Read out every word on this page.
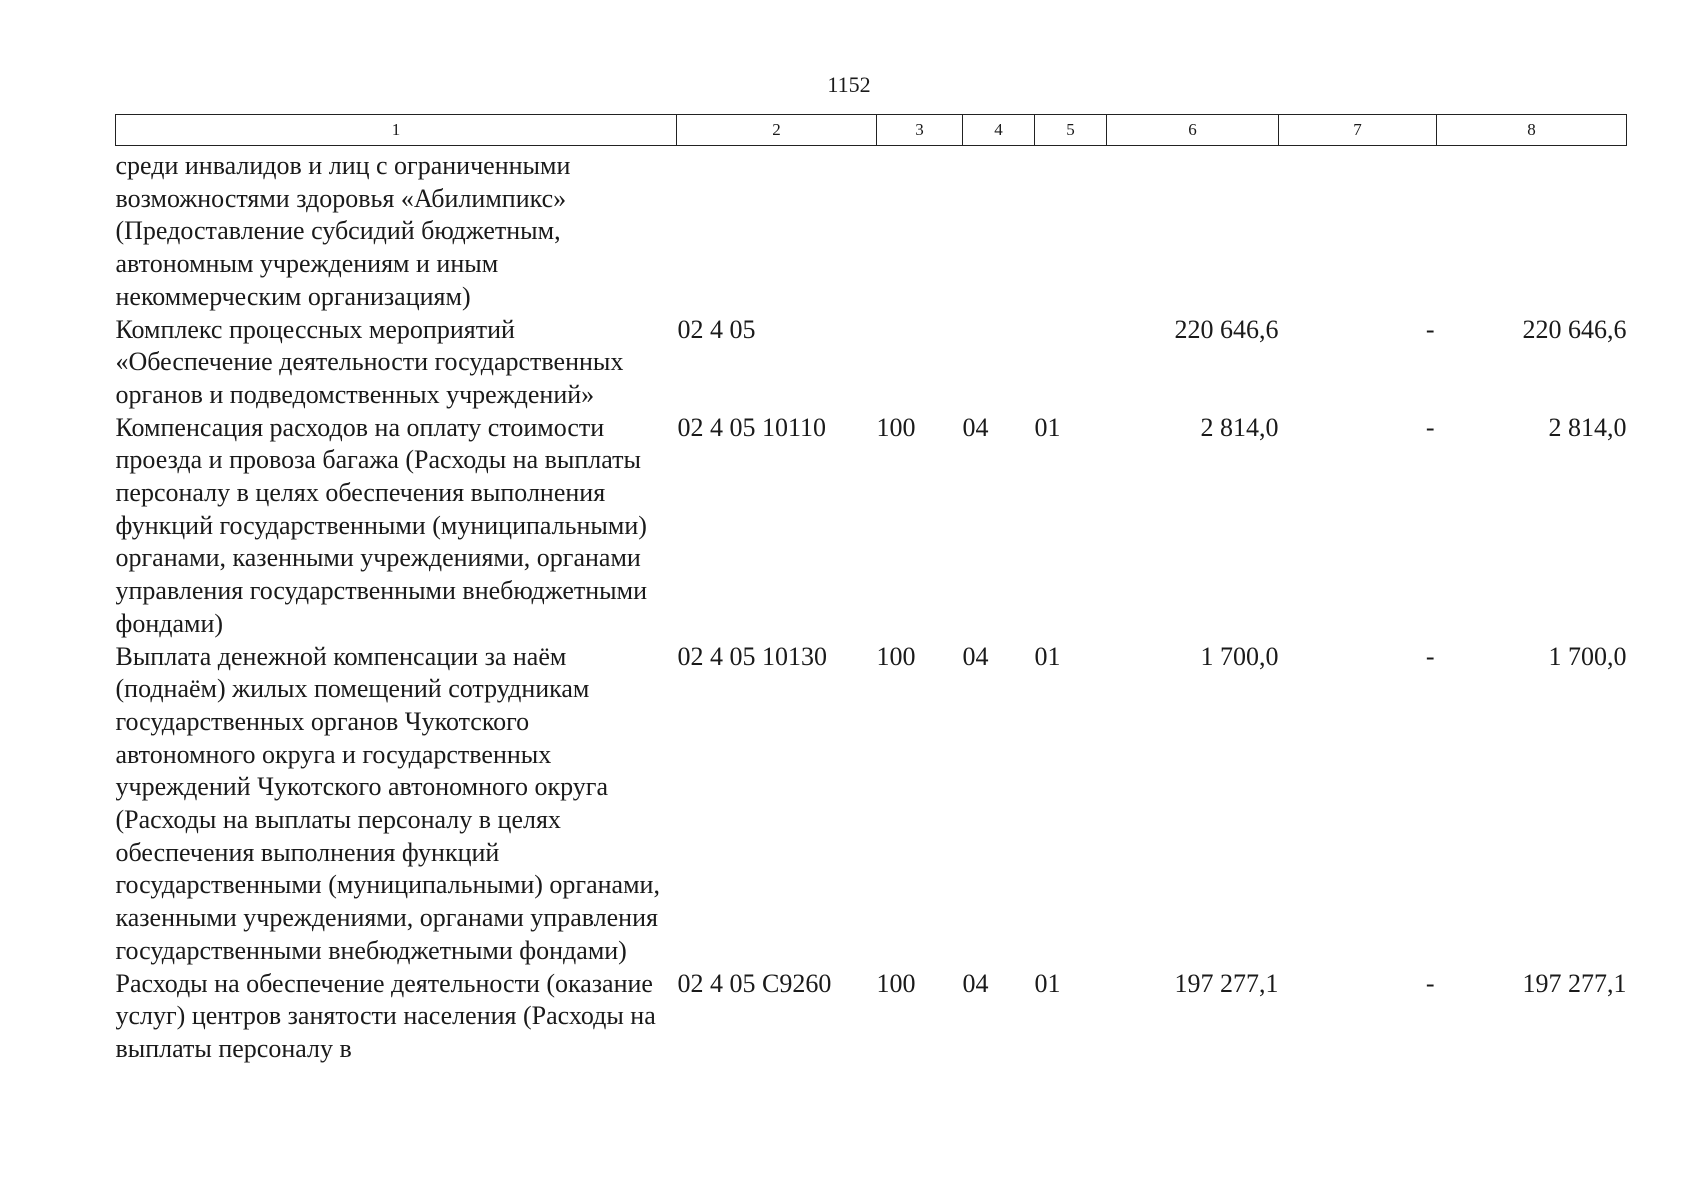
1152
1	2	3	4	5	6	7	8
среди инвалидов и лиц с ограниченными возможностями здоровья «Абилимпикс» (Предоставление субсидий бюджетным, автономным учреждениям и иным некоммерческим организациям)							
Комплекс процессных мероприятий «Обеспечение деятельности государственных органов и подведомственных учреждений»	02 4 05				220 646,6	-	220 646,6
Компенсация расходов на оплату стоимости проезда и провоза багажа (Расходы на выплаты персоналу в целях обеспечения выполнения функций государственными (муниципальными) органами, казенными учреждениями, органами управления государственными внебюджетными фондами)	02 4 05 10110	100	04	01	2 814,0	-	2 814,0
Выплата денежной компенсации за наём (поднаём) жилых помещений сотрудникам государственных органов Чукотского автономного округа и государственных учреждений Чукотского автономного округа (Расходы на выплаты персоналу в целях обеспечения выполнения функций государственными (муниципальными) органами, казенными учреждениями, органами управления государственными внебюджетными фондами)	02 4 05 10130	100	04	01	1 700,0	-	1 700,0
Расходы на обеспечение деятельности (оказание услуг) центров занятости населения (Расходы на выплаты персоналу в	02 4 05 С9260	100	04	01	197 277,1	-	197 277,1
